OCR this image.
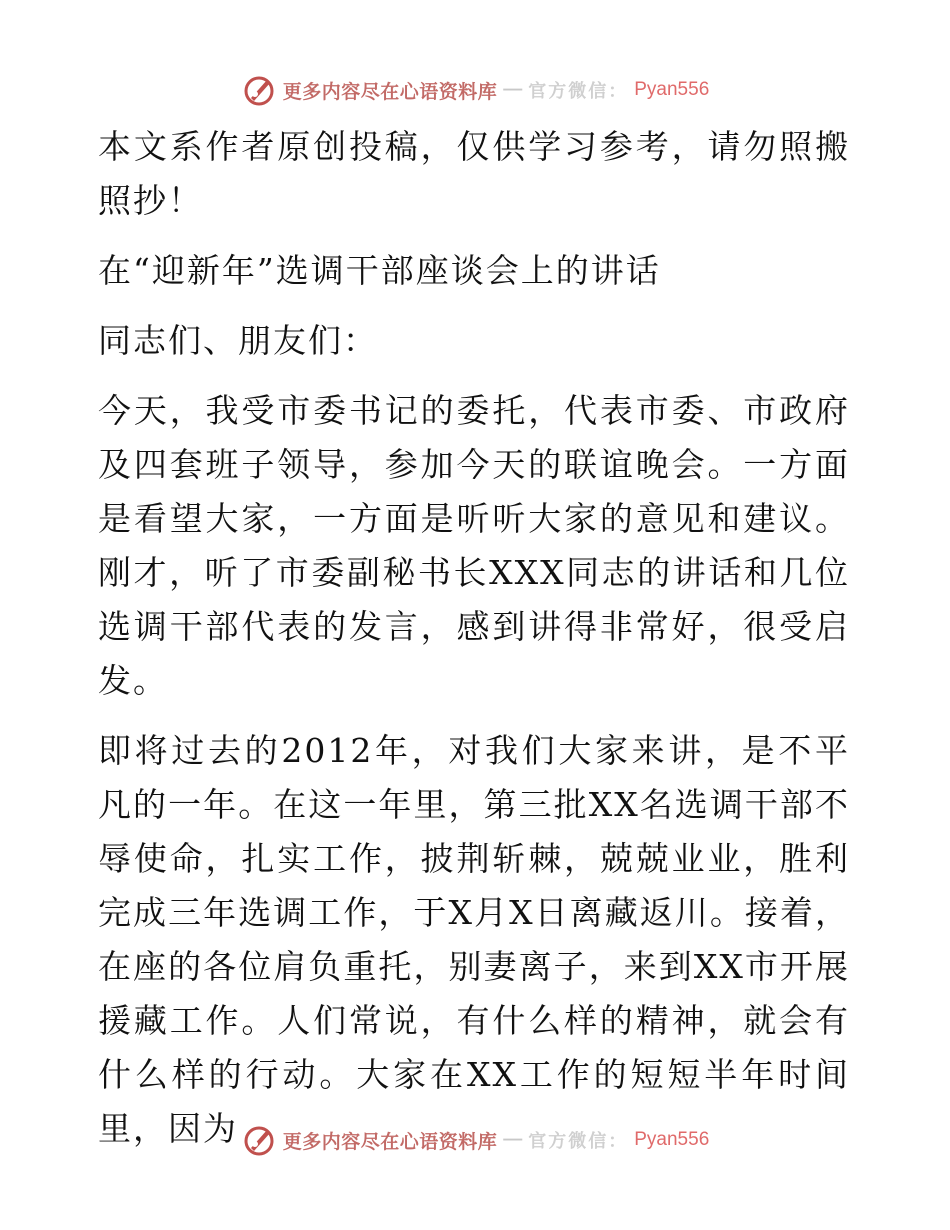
更多内容尽在心语资料库 — 官方微信： Pyan556

本文系作者原创投稿，仅供学习参考，请勿照搬照抄！

在“迎新年”选调干部座谈会上的讲话

同志们、朋友们：

今天，我受市委书记的委托，代表市委、市政府及四套班子领导，参加今天的联谊晚会。一方面是看望大家，一方面是听听大家的意见和建议。刚才，听了市委副秘书长XXX同志的讲话和几位选调干部代表的发言，感到讲得非常好，很受启发。

即将过去的2012年，对我们大家来讲，是不平凡的一年。在这一年里，第三批XX名选调干部不辱使命，扎实工作，披荆斩棘，兢兢业业，胜利完成三年选调工作，于X月X日离藏返川。接着，在座的各位肩负重托，别妻离子，来到XX市开展援藏工作。人们常说，有什么样的精神，就会有什么样的行动。大家在XX工作的短短半年时间里，因为	更多内容尽在心语资料库 — 官方微信： Pyan556
